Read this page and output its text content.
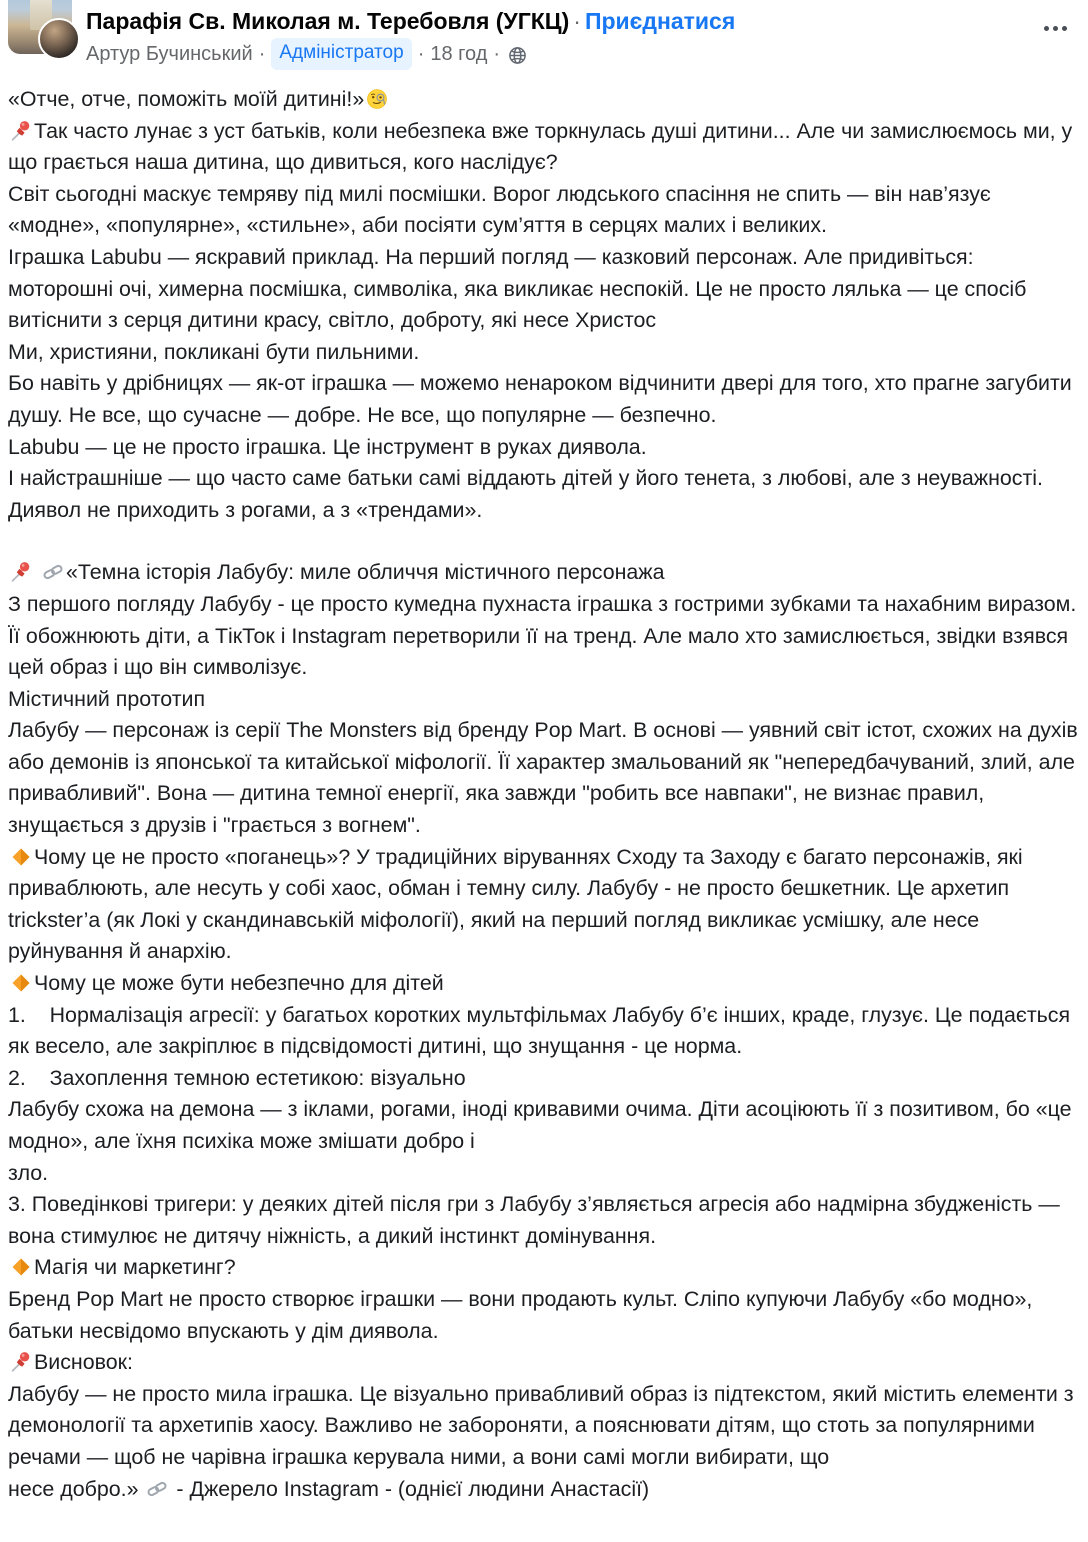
Парафія Св. Миколая м. Теребовля (УГКЦ) · Приєднатися
Артур Бучинський · Адміністратор · 18 год ·

«Отче, отче, поможіть моїй дитині!»

Так часто лунає з уст батьків, коли небезпека вже торкнулась душі дитини... Але чи замислюємось ми, у що грається наша дитина, що дивиться, кого наслідує?

Світ сьогодні маскує темряву під милі посмішки. Ворог людського спасіння не спить — він нав’язує «модне», «популярне», «стильне», аби посіяти сум’яття в серцях малих і великих.

Іграшка Labubu — яскравий приклад. На перший погляд — казковий персонаж. Але придивіться: моторошні очі, химерна посмішка, символіка, яка викликає неспокій. Це не просто лялька — це спосіб витіснити з серця дитини красу, світло, доброту, які несе Христос

Ми, християни, покликані бути пильними.

Бо навіть у дрібницях — як-от іграшка — можемо ненароком відчинити двері для того, хто прагне загубити душу. Не все, що сучасне — добре. Не все, що популярне — безпечно.

Labubu — це не просто іграшка. Це інструмент в руках диявола.

І найстрашніше — що часто саме батьки самі віддають дітей у його тенета, з любові, але з неуважності. Диявол не приходить з рогами, а з «трендами».

«Темна історія Лабубу: миле обличчя містичного персонажа

З першого погляду Лабубу - це просто кумедна пухнаста іграшка з гострими зубками та нахабним виразом. Її обожнюють діти, а ТікТок і Instagram перетворили її на тренд. Але мало хто замислюється, звідки взявся цей образ і що він символізує.

Містичний прототип

Лабубу — персонаж із серії The Monsters від бренду Pop Mart. В основі — уявний світ істот, схожих на духів або демонів із японської та китайської міфології. Її характер змальований як "непередбачуваний, злий, але привабливий". Вона — дитина темної енергії, яка завжди "робить все навпаки", не визнає правил, знущається з друзів і "грається з вогнем".

Чому це не просто «поганець»? У традиційних віруваннях Сходу та Заходу є багато персонажів, які приваблюють, але несуть у собі хаос, обман і темну силу. Лабубу - не просто бешкетник. Це архетип trickster’а (як Локі у скандинавській міфології), який на перший погляд викликає усмішку, але несе руйнування й анархію.

Чому це може бути небезпечно для дітей

1.    Нормалізація агресії: у багатьох коротких мультфільмах Лабубу б’є інших, краде, глузує. Це подається як весело, але закріплює в підсвідомості дитині, що знущання - це норма.

2.    Захоплення темною естетикою: візуально

Лабубу схожа на демона — з іклами, рогами, іноді кривавими очима. Діти асоціюють її з позитивом, бо «це модно», але їхня психіка може змішати добро і

зло.

3. Поведінкові тригери: у деяких дітей після гри з Лабубу з’являється агресія або надмірна збудженість — вона стимулює не дитячу ніжність, а дикий інстинкт домінування.

Магія чи маркетинг?

Бренд Pop Mart не просто створює іграшки — вони продають культ. Сліпо купуючи Лабубу «бо модно», батьки несвідомо впускають у дім диявола.

Висновок:

Лабубу — не просто мила іграшка. Це візуально привабливий образ із підтекстом, який містить елементи з демонології та архетипів хаосу. Важливо не забороняти, а пояснювати дітям, що стоть за популярними речами — щоб не чарівна іграшка керувала ними, а вони самі могли вибирати, що

несе добро.»
- Джерело Instagram - (однієї людини Анастасії)
